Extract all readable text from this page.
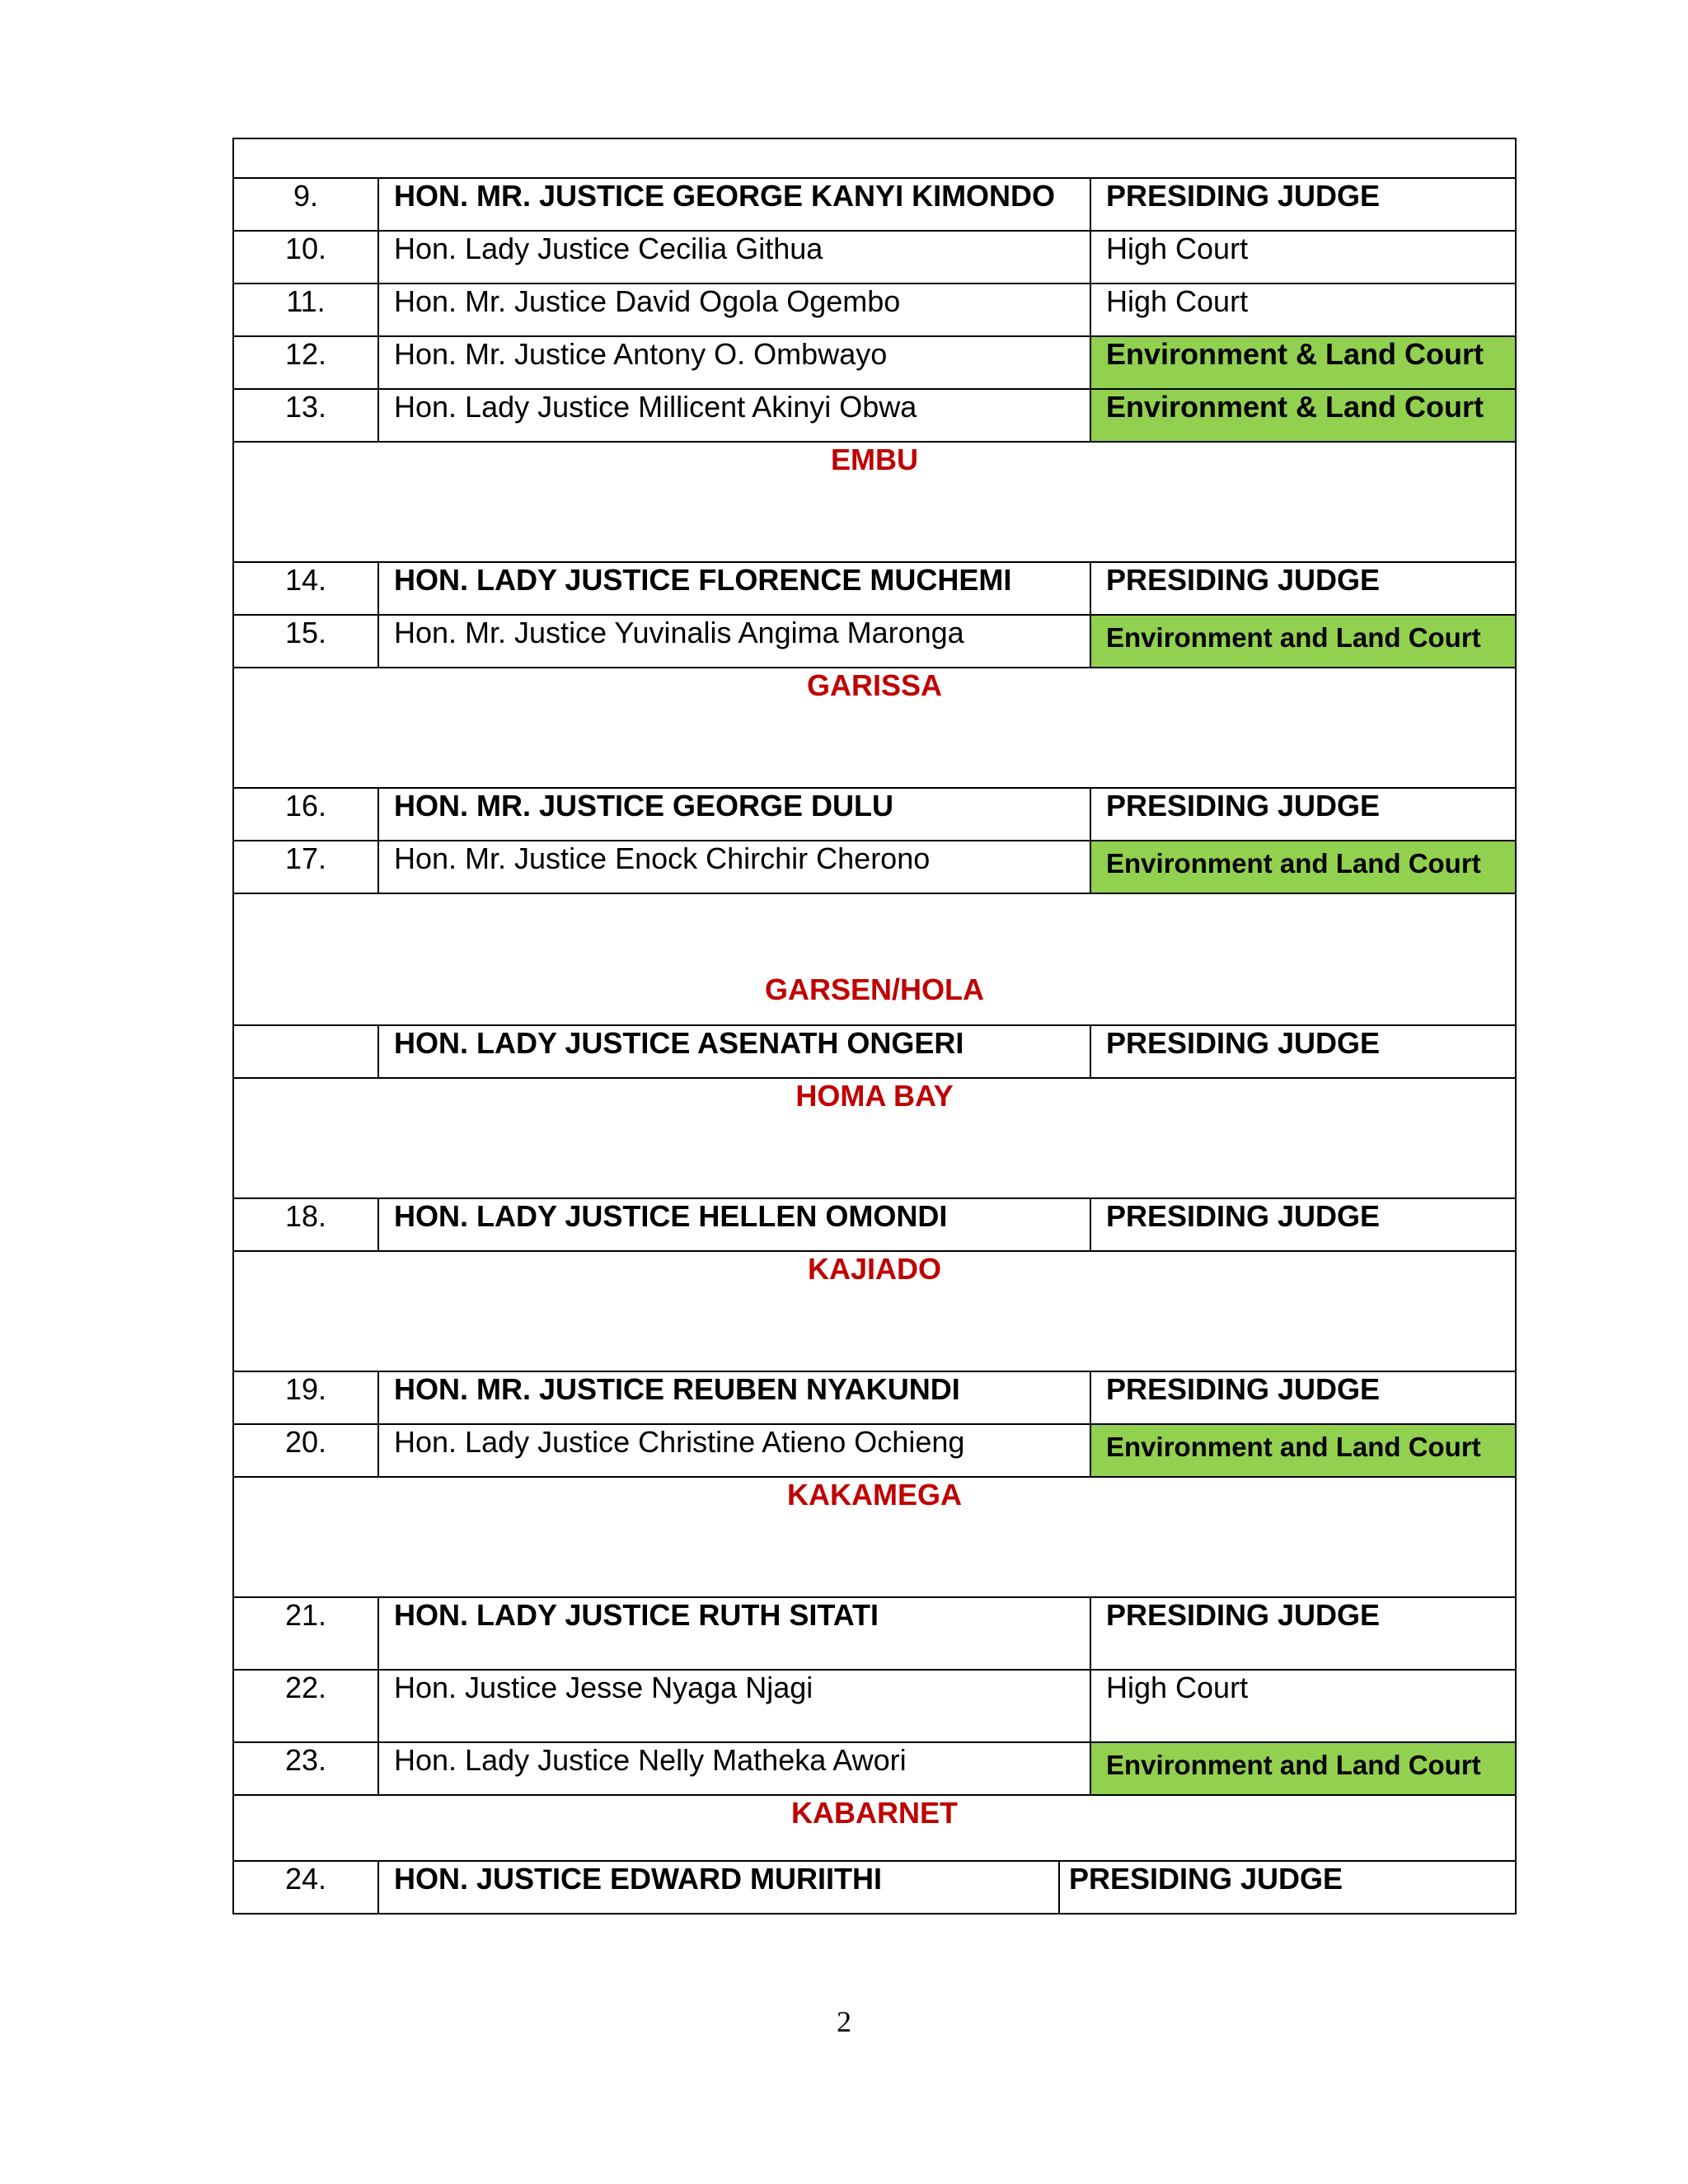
9.	HON. MR. JUSTICE GEORGE KANYI KIMONDO	PRESIDING JUDGE
10.	Hon. Lady Justice Cecilia Githua	High Court
11.	Hon. Mr. Justice David Ogola Ogembo	High Court
12.	Hon. Mr. Justice Antony O. Ombwayo	Environment & Land Court
13.	Hon. Lady Justice Millicent Akinyi Obwa	Environment & Land Court
EMBU		
14.	HON. LADY JUSTICE FLORENCE MUCHEMI	PRESIDING JUDGE
15.	Hon. Mr. Justice Yuvinalis Angima Maronga	Environment and Land Court
GARISSA		
16.	HON. MR. JUSTICE GEORGE DULU	PRESIDING JUDGE
17.	Hon. Mr. Justice Enock Chirchir Cherono	Environment and Land Court
GARSEN/HOLA		
	HON. LADY JUSTICE ASENATH ONGERI	PRESIDING JUDGE
HOMA BAY		
18.	HON. LADY JUSTICE HELLEN OMONDI	PRESIDING JUDGE
KAJIADO		
19.	HON. MR. JUSTICE REUBEN NYAKUNDI	PRESIDING JUDGE
20.	Hon. Lady Justice Christine Atieno Ochieng	Environment and Land Court
KAKAMEGA		
21.	HON. LADY JUSTICE RUTH SITATI	PRESIDING JUDGE
22.	Hon. Justice Jesse Nyaga Njagi	High Court
23.	Hon. Lady Justice Nelly Matheka Awori	Environment and Land Court
KABARNET		
24.	HON. JUSTICE EDWARD MURIITHI	PRESIDING JUDGE
2
